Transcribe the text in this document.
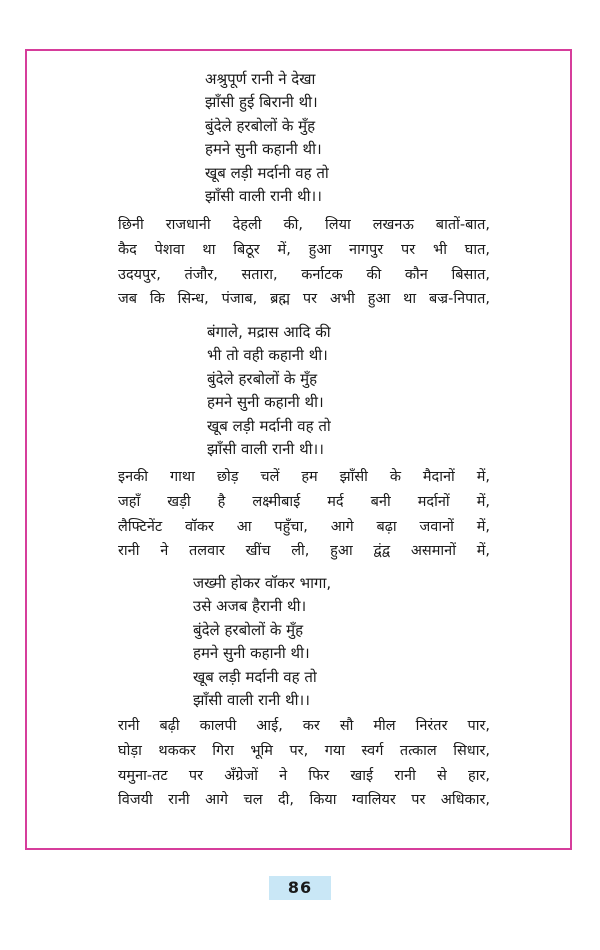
अश्रुपूर्ण रानी ने देखा
झाँसी हुई बिरानी थी।
बुंदेले हरबोलों के मुँह
हमने सुनी कहानी थी।
खूब लड़ी मर्दानी वह तो
झाँसी वाली रानी थी।।
छिनी राजधानी देहली की, लिया लखनऊ बातों-बात,
कैद पेशवा था बिठूर में, हुआ नागपुर पर भी घात,
उदयपुर, तंजौर, सतारा, कर्नाटक की कौन बिसात,
जब कि सिन्ध, पंजाब, ब्रह्म पर अभी हुआ था बज्र-निपात,
बंगाले, मद्रास आदि की
भी तो वही कहानी थी।
बुंदेले हरबोलों के मुँह
हमने सुनी कहानी थी।
खूब लड़ी मर्दानी वह तो
झाँसी वाली रानी थी।।
इनकी गाथा छोड़ चलें हम झाँसी के मैदानों में,
जहाँ खड़ी है लक्ष्मीबाई मर्द बनी मर्दानों में,
लैफ्टिनेंट वॉकर आ पहुँचा, आगे बढ़ा जवानों में,
रानी ने तलवार खींच ली, हुआ द्वंद्व असमानों में,
जख्मी होकर वॉकर भागा,
उसे अजब हैरानी थी।
बुंदेले हरबोलों के मुँह
हमने सुनी कहानी थी।
खूब लड़ी मर्दानी वह तो
झाँसी वाली रानी थी।।
रानी बढ़ी कालपी आई, कर सौ मील निरंतर पार,
घोड़ा थककर गिरा भूमि पर, गया स्वर्ग तत्काल सिधार,
यमुना-तट पर अँग्रेजों ने फिर खाई रानी से हार,
विजयी रानी आगे चल दी, किया ग्वालियर पर अधिकार,
86
